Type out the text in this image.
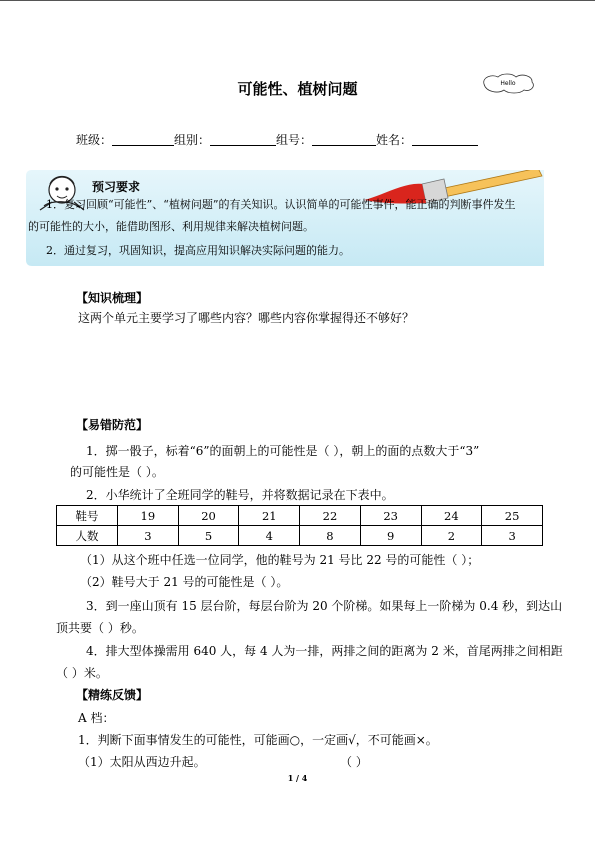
可能性、植树问题	Hello
班级：	组别：	组号：	姓名：
预习要求
1．复习回顾“可能性”、“植树问题”的有关知识。认识简单的可能性事件，能正确的判断事件发生
的可能性的大小，能借助图形、利用规律来解决植树问题。
2．通过复习，巩固知识，提高应用知识解决实际问题的能力。
【知识梳理】
这两个单元主要学习了哪些内容？哪些内容你掌握得还不够好？
【易错防范】
1．掷一骰子，标着“6”的面朝上的可能性是（ ），朝上的面的点数大于“3”
的可能性是（ ）。
2．小华统计了全班同学的鞋号，并将数据记录在下表中。
鞋号	19	20	21	22	23	24	25
人数	3	5	4	8	9	2	3
（1）从这个班中任选一位同学，他的鞋号为 21 号比 22 号的可能性（ ）；
（2）鞋号大于 21 号的可能性是（ ）。
3．到一座山顶有 15 层台阶，每层台阶为 20 个阶梯。如果每上一阶梯为 0.4 秒，到达山
顶共要（ ）秒。
4．排大型体操需用 640 人，每 4 人为一排，两排之间的距离为 2 米，首尾两排之间相距
（ ）米。
【精练反馈】
A 档：
1．判断下面事情发生的可能性，可能画○，一定画√，不可能画×。
（1）太阳从西边升起。	（ ）
1 / 4
